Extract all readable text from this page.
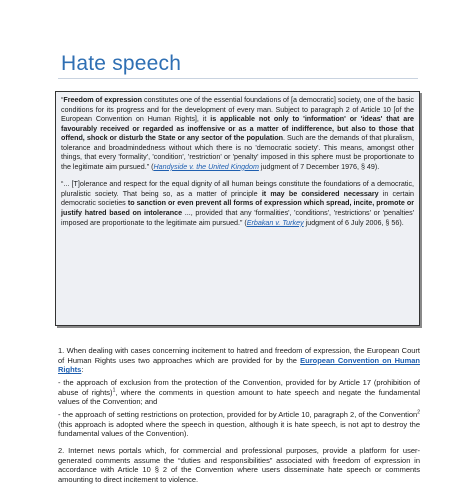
Hate speech

“Freedom of expression constitutes one of the essential foundations of [a democratic] society, one of the basic conditions for its progress and for the development of every man. Subject to paragraph 2 of Article 10 [of the European Convention on Human Rights], it is applicable not only to 'information' or 'ideas' that are favourably received or regarded as inoffensive or as a matter of indifference, but also to those that offend, shock or disturb the State or any sector of the population. Such are the demands of that pluralism, tolerance and broadmindedness without which there is no 'democratic society'. This means, amongst other things, that every 'formality', 'condition', 'restriction' or 'penalty' imposed in this sphere must be proportionate to the legitimate aim pursued.” (Handyside v. the United Kingdom judgment of 7 December 1976, § 49).

“... [T]olerance and respect for the equal dignity of all human beings constitute the foundations of a democratic, pluralistic society. That being so, as a matter of principle it may be considered necessary in certain democratic societies to sanction or even prevent all forms of expression which spread, incite, promote or justify hatred based on intolerance ..., provided that any 'formalities', 'conditions', 'restrictions' or 'penalties' imposed are proportionate to the legitimate aim pursued.” (Erbakan v. Turkey judgment of 6 July 2006, § 56).

1. When dealing with cases concerning incitement to hatred and freedom of expression, the European Court of Human Rights uses two approaches which are provided for by the European Convention on Human Rights:

- the approach of exclusion from the protection of the Convention, provided for by Article 17 (prohibition of abuse of rights)$^1$, where the comments in question amount to hate speech and negate the fundamental values of the Convention; and

- the approach of setting restrictions on protection, provided for by Article 10, paragraph 2, of the Convention$^2$ (this approach is adopted where the speech in question, although it is hate speech, is not apt to destroy the fundamental values of the Convention).

2. Internet news portals which, for commercial and professional purposes, provide a platform for user-generated comments assume the “duties and responsibilities” associated with freedom of expression in accordance with Article 10 § 2 of the Convention where users disseminate hate speech or comments amounting to direct incitement to violence.
